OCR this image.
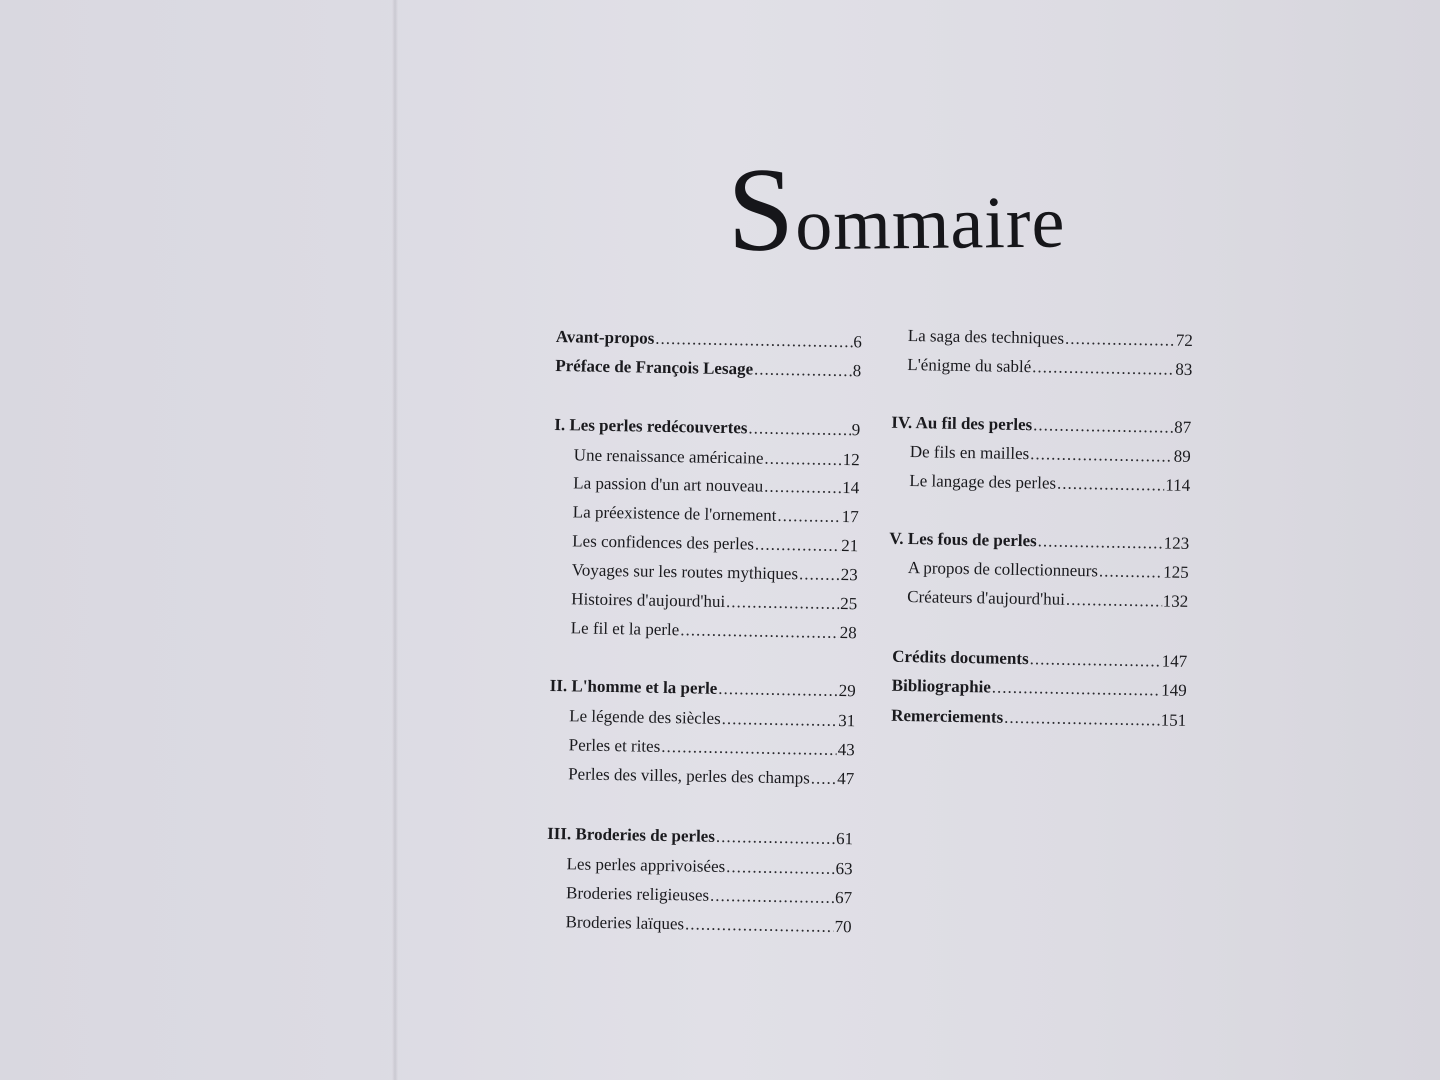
Sommaire
Avant-propos .....	6
Préface de François Lesage .....	8
I. Les perles redécouvertes .....	9
Une renaissance américaine .....	12
La passion d'un art nouveau .....	14
La préexistence de l'ornement .....	17
Les confidences des perles .....	21
Voyages sur les routes mythiques ..... 23
Histoires d'aujourd'hui .....	25
Le fil et la perle .....	28
II. L'homme et la perle .....	29
Le légende des siècles .....	31
Perles et rites .....	43
Perles des villes, perles des champs ..... 47
III. Broderies de perles .....	61
Les perles apprivoisées .....	63
Broderies religieuses .....	67
Broderies laïques .....	70
La saga des techniques .....	72
L'énigme du sablé .....	83
IV. Au fil des perles .....	87
De fils en mailles .....	89
Le langage des perles .....	114
V. Les fous de perles .....	123
A propos de collectionneurs .....	125
Créateurs d'aujourd'hui .....	132
Crédits documents .....	147
Bibliographie .....	149
Remerciements .....	151
